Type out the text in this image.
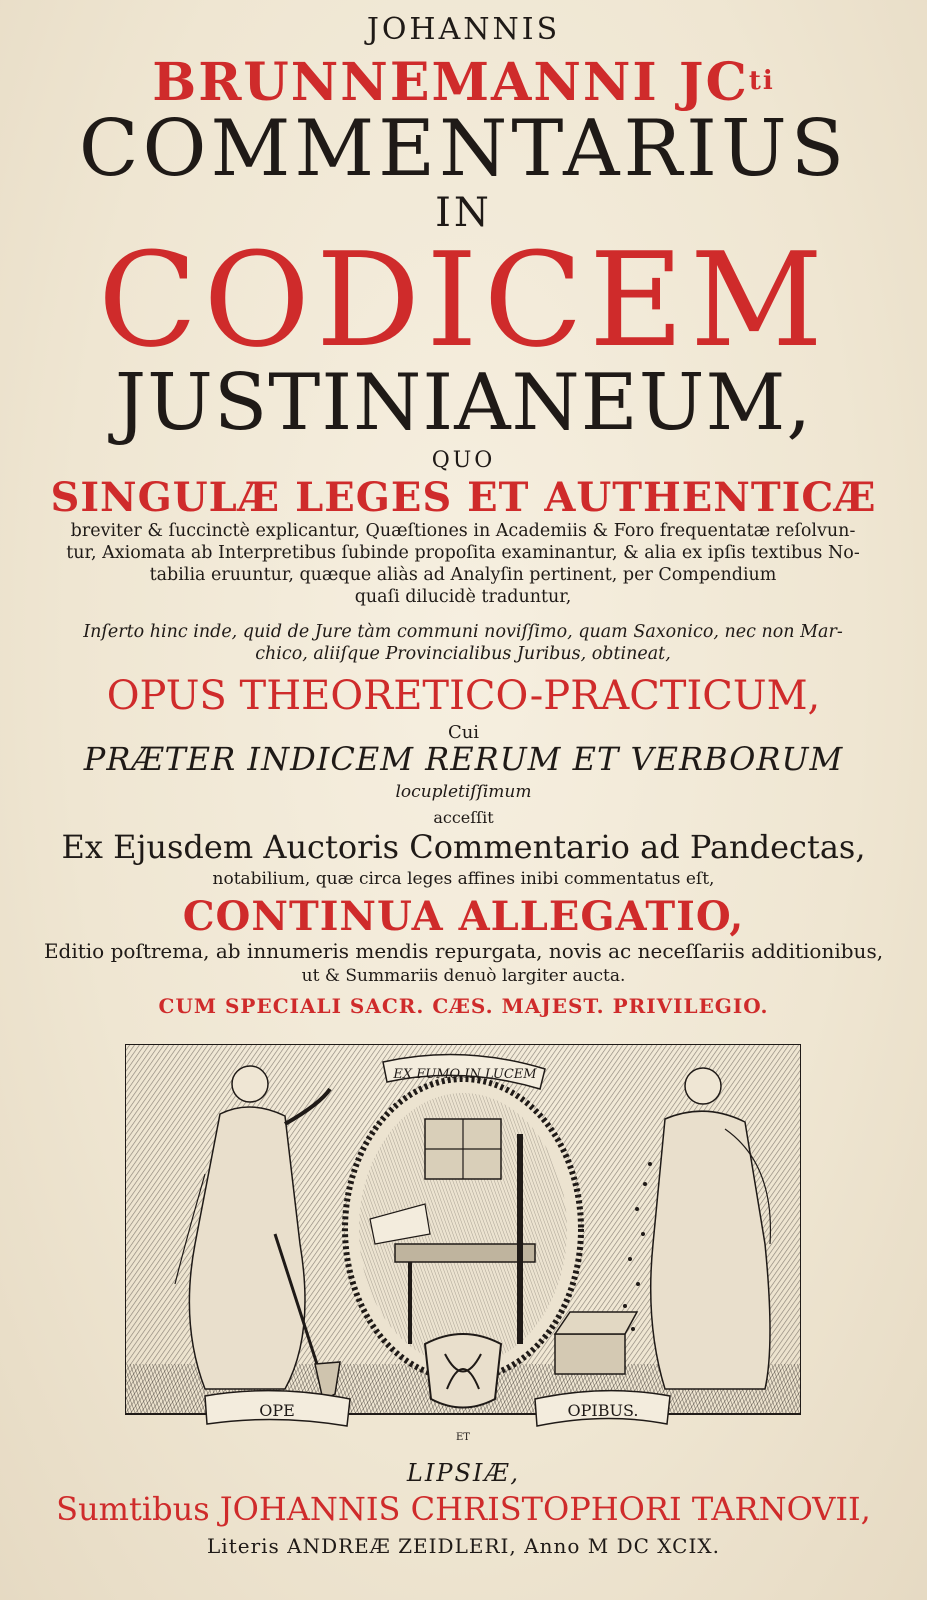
JOHANNIS
BRUNNEMANNI $JC^{ti}$
COMMENTARIUS
IN
CODICEM
JUSTINIANEUM,
QUO
SINGULÆ LEGES ET AUTHENTICÆ
breviter & ſuccinctè explicantur, Quæſtiones in Academiis & Foro frequentatæ reſolvun-
tur, Axiomata ab Interpretibus ſubinde propoſita examinantur, & alia ex ipſis textibus No-
tabilia eruuntur, quæque aliàs ad Analyſin pertinent, per Compendium
quaſi dilucidè traduntur,
Inſerto hinc inde, quid de Jure tàm communi noviſſimo, quam Saxonico, nec non Mar-
chico, aliiſque Provincialibus Juribus, obtineat,
OPUS THEORETICO-PRACTICUM,
Cui
PRÆTER INDICEM RERUM ET VERBORUM
locupletiſſimum
acceſſit
Ex Ejusdem Auctoris Commentario ad Pandectas,
notabilium, quæ circa leges affines inibi commentatus eſt,
CONTINUA ALLEGATIO,
Editio poſtrema, ab innumeris mendis repurgata, novis ac neceſſariis additionibus,
ut & Summariis denuò largiter aucta.
CUM SPECIALI SACR. CÆS. MAJEST. PRIVILEGIO.
EX FUMO IN LUCEM
OPE
ET
OPIBUS.
LIPSIÆ,
Sumtibus JOHANNIS CHRISTOPHORI TARNOVII,
Literis ANDREÆ ZEIDLERI, Anno M DC XCIX.
